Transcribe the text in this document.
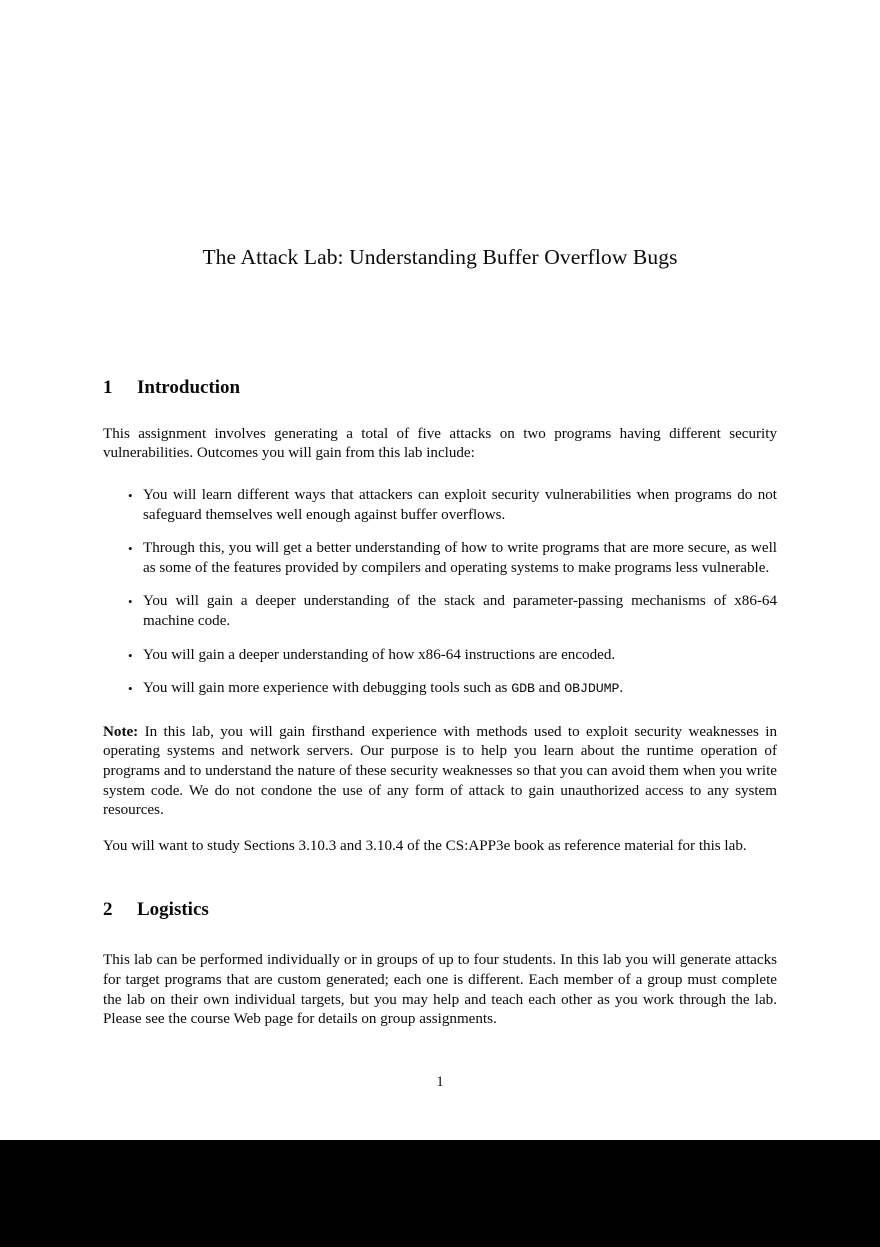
The Attack Lab: Understanding Buffer Overflow Bugs
1	Introduction

This assignment involves generating a total of five attacks on two programs having different security vulnerabilities. Outcomes you will gain from this lab include:

• You will learn different ways that attackers can exploit security vulnerabilities when programs do not safeguard themselves well enough against buffer overflows.
• Through this, you will get a better understanding of how to write programs that are more secure, as well as some of the features provided by compilers and operating systems to make programs less vulnerable.
• You will gain a deeper understanding of the stack and parameter-passing mechanisms of x86-64 machine code.
• You will gain a deeper understanding of how x86-64 instructions are encoded.
• You will gain more experience with debugging tools such as GDB and OBJDUMP.

Note: In this lab, you will gain firsthand experience with methods used to exploit security weaknesses in operating systems and network servers. Our purpose is to help you learn about the runtime operation of programs and to understand the nature of these security weaknesses so that you can avoid them when you write system code. We do not condone the use of any form of attack to gain unauthorized access to any system resources.

You will want to study Sections 3.10.3 and 3.10.4 of the CS:APP3e book as reference material for this lab.

2	Logistics

This lab can be performed individually or in groups of up to four students. In this lab you will generate attacks for target programs that are custom generated; each one is different. Each member of a group must complete the lab on their own individual targets, but you may help and teach each other as you work through the lab. Please see the course Web page for details on group assignments.

1
